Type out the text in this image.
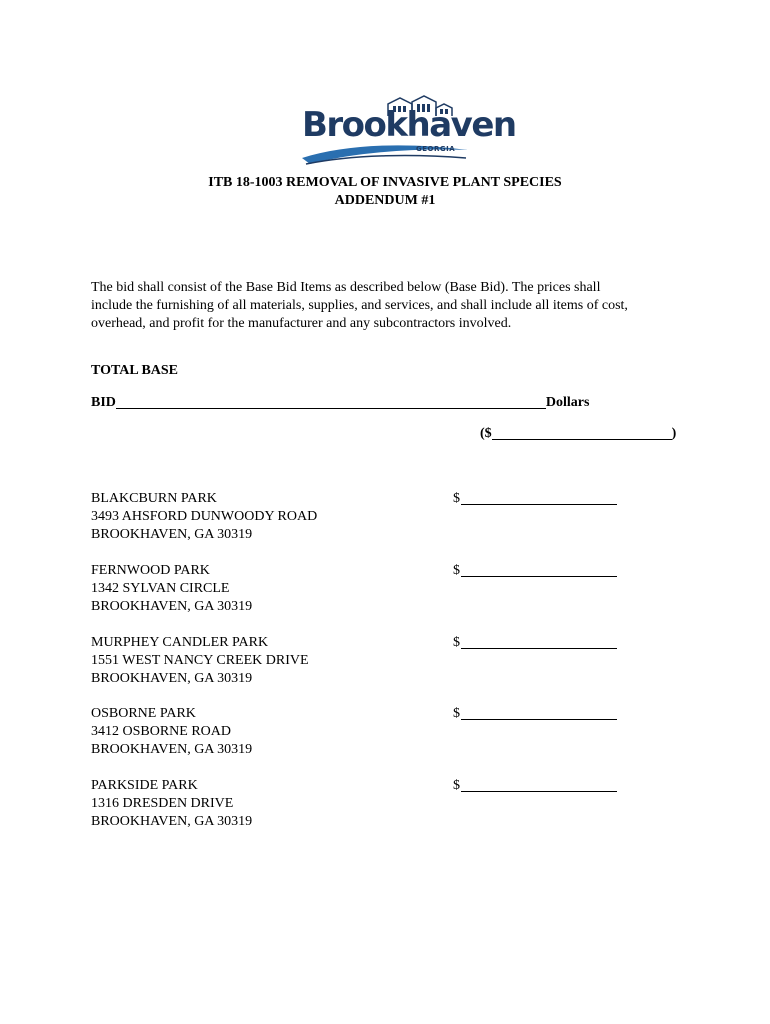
Brookhaven
GEORGIA
ITB 18-1003 REMOVAL OF INVASIVE PLANT SPECIES
ADDENDUM #1
The bid shall consist of the Base Bid Items as described below (Base Bid). The prices shall
include the furnishing of all materials, supplies, and services, and shall include all items of cost,
overhead, and profit for the manufacturer and any subcontractors involved.
TOTAL BASE
BID	Dollars
($	)
BLAKCBURN PARK
3493 AHSFORD DUNWOODY ROAD
BROOKHAVEN, GA 30319
$
FERNWOOD PARK
1342 SYLVAN CIRCLE
BROOKHAVEN, GA 30319
$
MURPHEY CANDLER PARK
1551 WEST NANCY CREEK DRIVE
BROOKHAVEN, GA 30319
$
OSBORNE PARK
3412 OSBORNE ROAD
BROOKHAVEN, GA 30319
$
PARKSIDE PARK
1316 DRESDEN DRIVE
BROOKHAVEN, GA 30319
$
